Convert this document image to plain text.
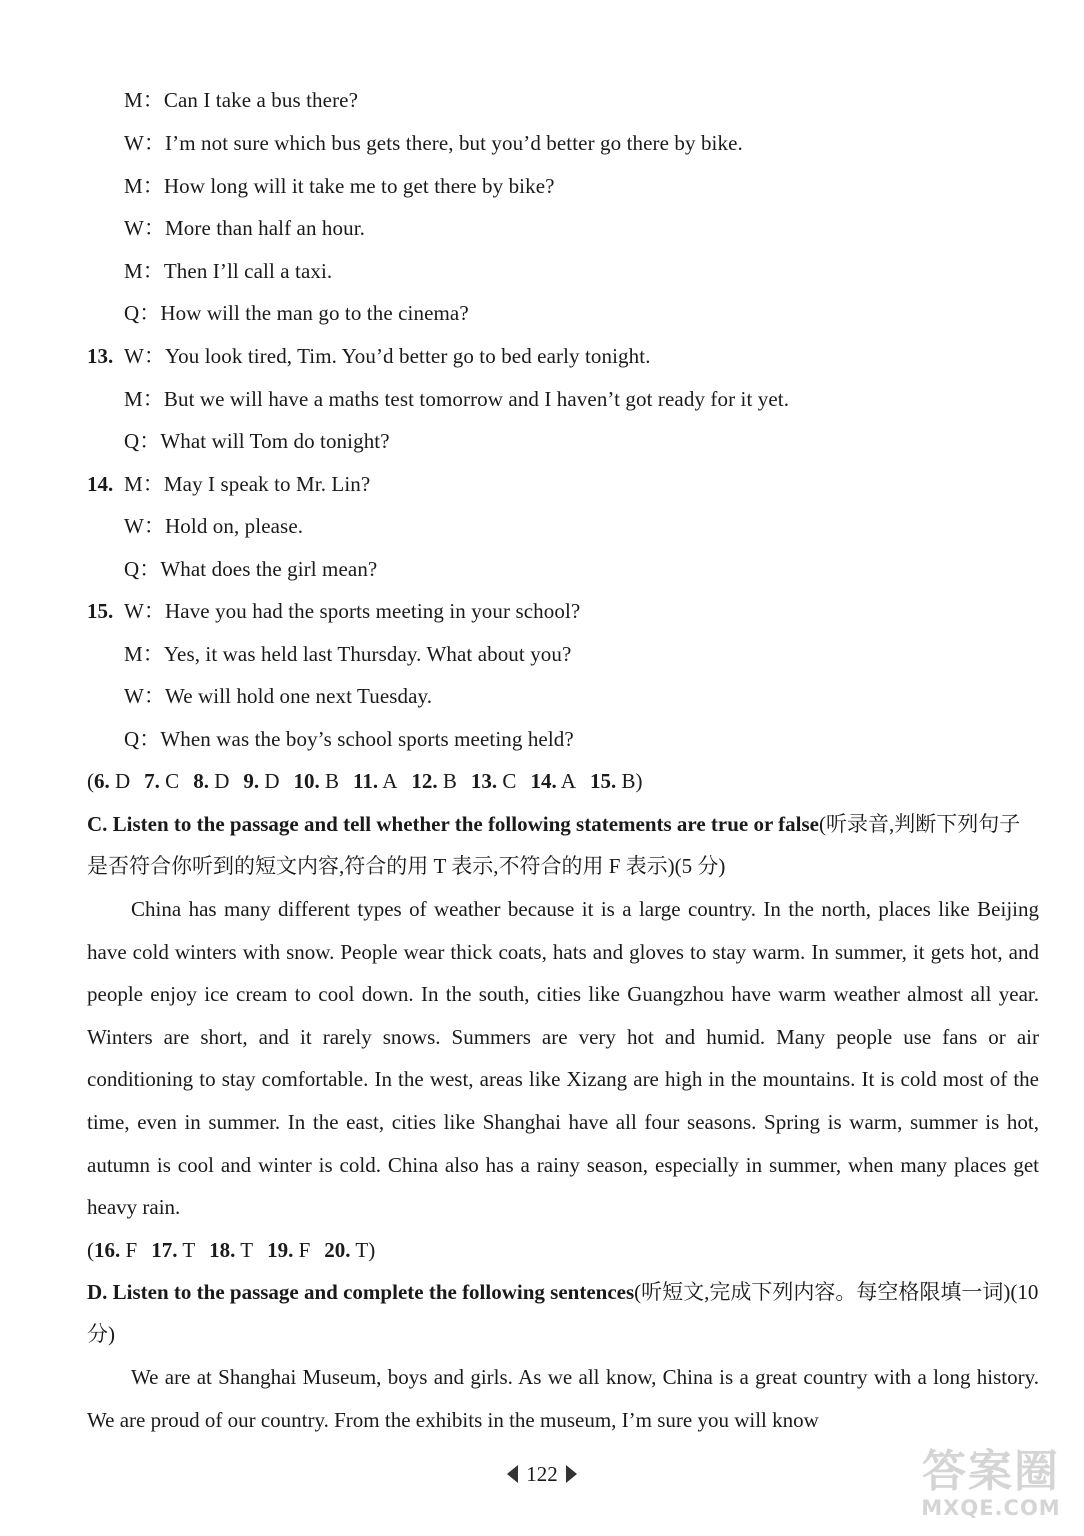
M：Can I take a bus there?
W：I’m not sure which bus gets there, but you’d better go there by bike.
M：How long will it take me to get there by bike?
W：More than half an hour.
M：Then I’ll call a taxi.
Q：How will the man go to the cinema?
13. W：You look tired, Tim. You’d better go to bed early tonight.
M：But we will have a maths test tomorrow and I haven’t got ready for it yet.
Q：What will Tom do tonight?
14. M：May I speak to Mr. Lin?
W：Hold on, please.
Q：What does the girl mean?
15. W：Have you had the sports meeting in your school?
M：Yes, it was held last Thursday. What about you?
W：We will hold one next Tuesday.
Q：When was the boy’s school sports meeting held?
(6. D 7. C 8. D 9. D 10. B 11. A 12. B 13. C 14. A 15. B)
C. Listen to the passage and tell whether the following statements are true or false(听录音,判断下列句子是否符合你听到的短文内容,符合的用 T 表示,不符合的用 F 表示)(5 分)
China has many different types of weather because it is a large country. In the north, places like Beijing have cold winters with snow. People wear thick coats, hats and gloves to stay warm. In summer, it gets hot, and people enjoy ice cream to cool down. In the south, cities like Guangzhou have warm weather almost all year. Winters are short, and it rarely snows. Summers are very hot and humid. Many people use fans or air conditioning to stay comfortable. In the west, areas like Xizang are high in the mountains. It is cold most of the time, even in summer. In the east, cities like Shanghai have all four seasons. Spring is warm, summer is hot, autumn is cool and winter is cold. China also has a rainy season, especially in summer, when many places get heavy rain.
(16. F 17. T 18. T 19. F 20. T)
D. Listen to the passage and complete the following sentences(听短文,完成下列内容。每空格限填一词)(10 分)
We are at Shanghai Museum, boys and girls. As we all know, China is a great country with a long history. We are proud of our country. From the exhibits in the museum, I’m sure you will know
122	答案圈
MXQE.COM
